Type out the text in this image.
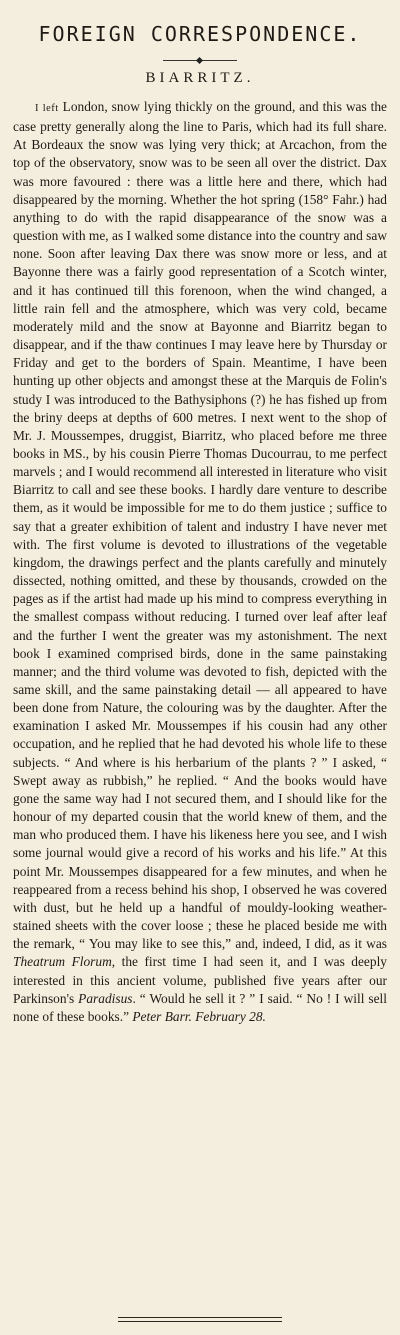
FOREIGN CORRESPONDENCE.
BIARRITZ.

I left London, snow lying thickly on the ground, and this was the case pretty generally along the line to Paris, which had its full share. At Bordeaux the snow was lying very thick; at Arcachon, from the top of the observatory, snow was to be seen all over the district. Dax was more favoured : there was a little here and there, which had disappeared by the morning. Whether the hot spring (158° Fahr.) had anything to do with the rapid disappearance of the snow was a question with me, as I walked some distance into the country and saw none. Soon after leaving Dax there was snow more or less, and at Bayonne there was a fairly good representation of a Scotch winter, and it has continued till this forenoon, when the wind changed, a little rain fell and the atmosphere, which was very cold, became moderately mild and the snow at Bayonne and Biarritz began to disappear, and if the thaw continues I may leave here by Thursday or Friday and get to the borders of Spain. Meantime, I have been hunting up other objects and amongst these at the Marquis de Folin's study I was introduced to the Bathysiphons (?) he has fished up from the briny deeps at depths of 600 metres. I next went to the shop of Mr. J. Moussempes, druggist, Biarritz, who placed before me three books in MS., by his cousin Pierre Thomas Ducourrau, to me perfect marvels ; and I would recommend all interested in literature who visit Biarritz to call and see these books. I hardly dare venture to describe them, as it would be impossible for me to do them justice ; suffice to say that a greater exhibition of talent and industry I have never met with. The first volume is devoted to illustrations of the vegetable kingdom, the drawings perfect and the plants carefully and minutely dissected, nothing omitted, and these by thousands, crowded on the pages as if the artist had made up his mind to compress everything in the smallest compass without reducing. I turned over leaf after leaf and the further I went the greater was my astonishment. The next book I examined comprised birds, done in the same painstaking manner; and the third volume was devoted to fish, depicted with the same skill, and the same painstaking detail — all appeared to have been done from Nature, the colouring was by the daughter. After the examination I asked Mr. Moussempes if his cousin had any other occupation, and he replied that he had devoted his whole life to these subjects. “ And where is his herbarium of the plants ? ” I asked, “ Swept away as rubbish,” he replied. “ And the books would have gone the same way had I not secured them, and I should like for the honour of my departed cousin that the world knew of them, and the man who produced them. I have his likeness here you see, and I wish some journal would give a record of his works and his life.” At this point Mr. Moussempes disappeared for a few minutes, and when he reappeared from a recess behind his shop, I observed he was covered with dust, but he held up a handful of mouldy-looking weather-stained sheets with the cover loose ; these he placed beside me with the remark, “ You may like to see this,” and, indeed, I did, as it was Theatrum Florum, the first time I had seen it, and I was deeply interested in this ancient volume, published five years after our Parkinson's Paradisus. “ Would he sell it ? ” I said. “ No ! I will sell none of these books.” Peter Barr. February 28.
